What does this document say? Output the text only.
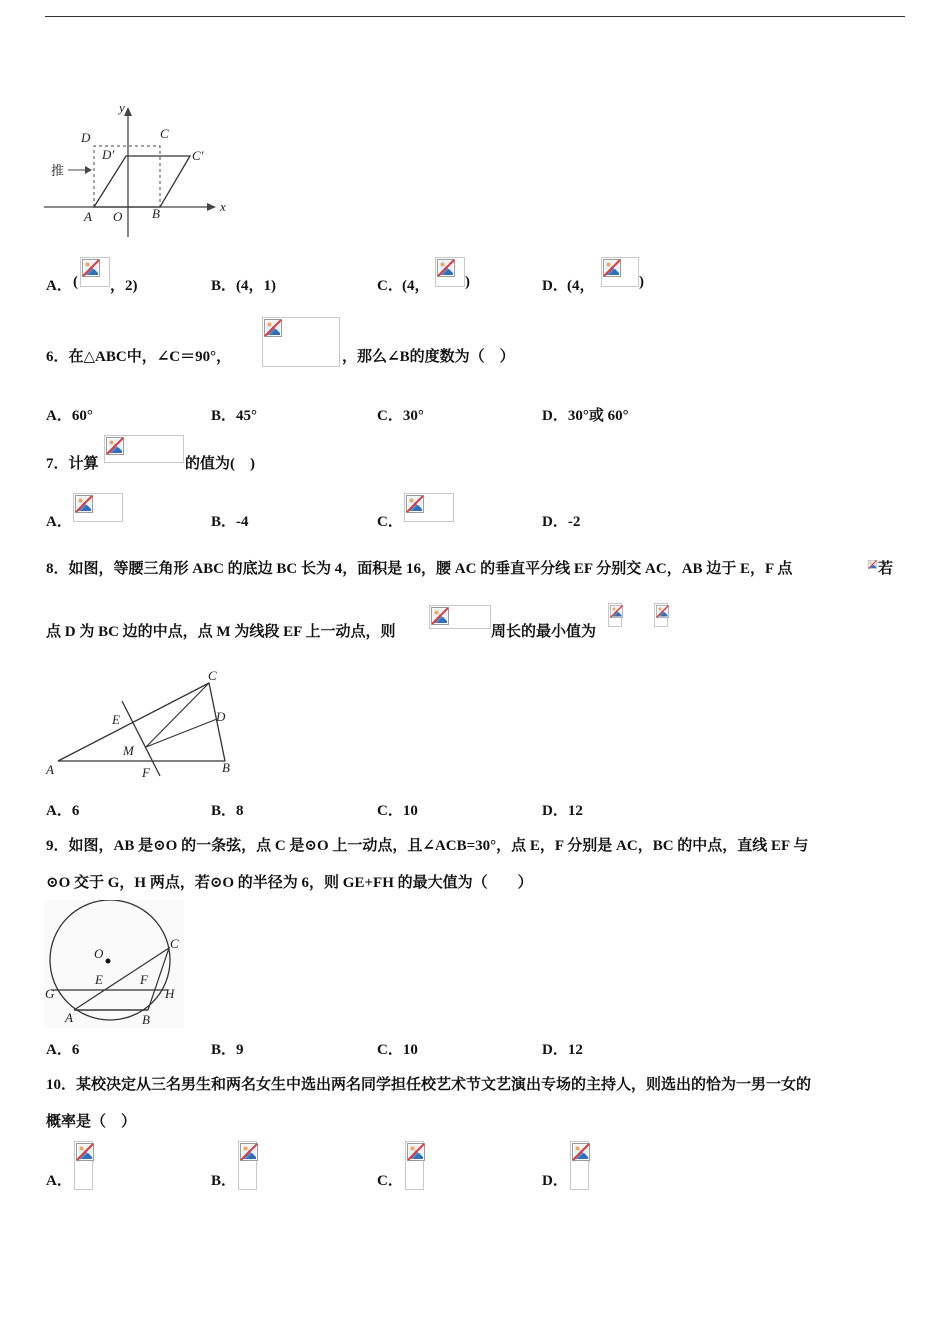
y
x
D	C
D′	C′
推
A O B
A． ( ，2)	B． (4，1)	C． (4， )	D． (4，	)
6．在△ABC中，∠C＝90°，	，那么∠B的度数为（　）
A．60°	B．45°	C．30°	D．30°或 60°
7．计算	的值为(　)
A．	B．-4	C．	D．-2
8．如图，等腰三角形 ABC 的底边 BC 长为 4，面积是 16，腰 AC 的垂直平分线 EF 分别交 AC，AB 边于 E，F 点	若
点 D 为 BC 边的中点，点 M 为线段 EF 上一动点，则	周长的最小值为
C
E	D
M
A	F	B
A．6	B．8	C．10	D．12
9．如图，AB 是⊙O 的一条弦，点 C 是⊙O 上一动点，且∠ACB=30°，点 E，F 分别是 AC，BC 的中点，直线 EF 与
⊙O 交于 G，H 两点，若⊙O 的半径为 6，则 GE+FH 的最大值为（　　）
O
C
E	F
G	H
A	B
A．6	B．9	C．10	D．12
10．某校决定从三名男生和两名女生中选出两名同学担任校艺术节文艺演出专场的主持人，则选出的恰为一男一女的
概率是（　）
A．	B．	C．	D．
